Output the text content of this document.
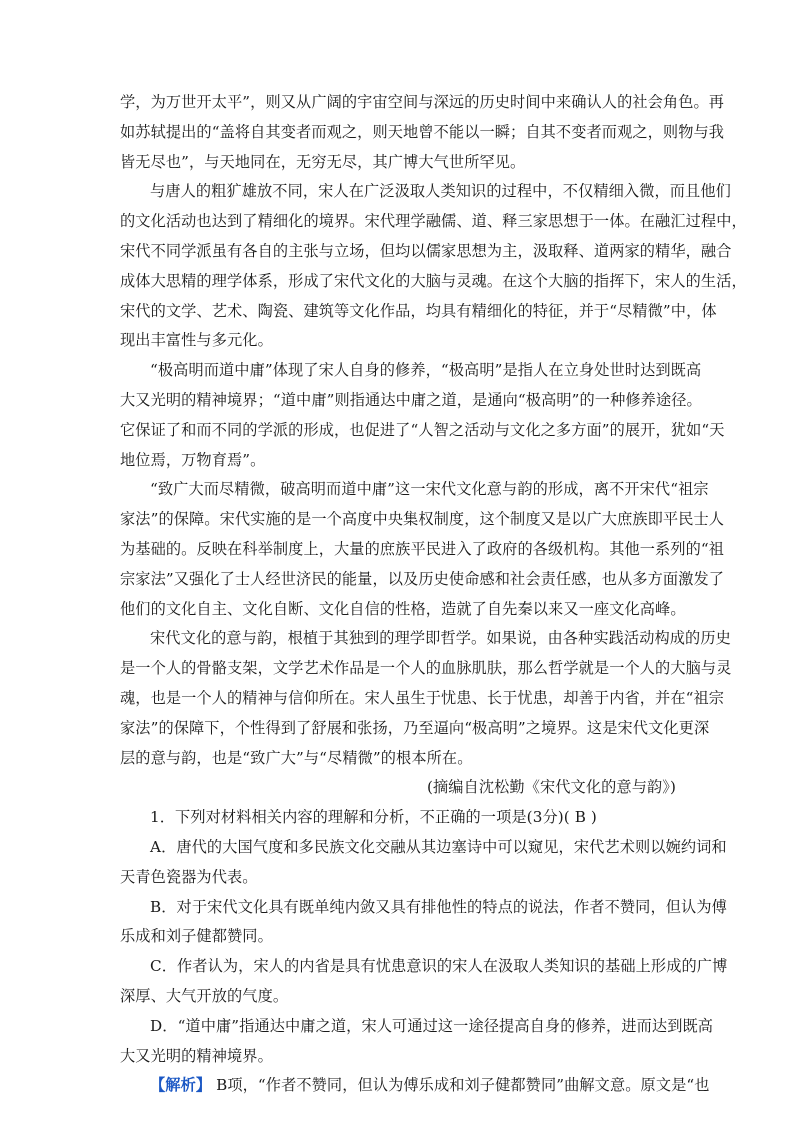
学，为万世开太平”，则又从广阔的宇宙空间与深远的历史时间中来确认人的社会角色。再
如苏轼提出的“盖将自其变者而观之，则天地曾不能以一瞬；自其不变者而观之，则物与我
皆无尽也”，与天地同在，无穷无尽，其广博大气世所罕见。
与唐人的粗犷雄放不同，宋人在广泛汲取人类知识的过程中，不仅精细入微，而且他们
的文化活动也达到了精细化的境界。宋代理学融儒、道、释三家思想于一体。在融汇过程中，
宋代不同学派虽有各自的主张与立场，但均以儒家思想为主，汲取释、道两家的精华，融合
成体大思精的理学体系，形成了宋代文化的大脑与灵魂。在这个大脑的指挥下，宋人的生活，
宋代的文学、艺术、陶瓷、建筑等文化作品，均具有精细化的特征，并于“尽精微”中，体
现出丰富性与多元化。
“极高明而道中庸”体现了宋人自身的修养，“极高明”是指人在立身处世时达到既高
大又光明的精神境界；“道中庸”则指通达中庸之道，是通向“极高明”的一种修养途径。
它保证了和而不同的学派的形成，也促进了“人智之活动与文化之多方面”的展开，犹如“天
地位焉，万物育焉”。
“致广大而尽精微，破高明而道中庸”这一宋代文化意与韵的形成，离不开宋代“祖宗
家法”的保障。宋代实施的是一个高度中央集权制度，这个制度又是以广大庶族即平民士人
为基础的。反映在科举制度上，大量的庶族平民进入了政府的各级机构。其他一系列的“祖
宗家法”又强化了士人经世济民的能量，以及历史使命感和社会责任感，也从多方面激发了
他们的文化自主、文化自断、文化自信的性格，造就了自先秦以来又一座文化高峰。
宋代文化的意与韵，根植于其独到的理学即哲学。如果说，由各种实践活动构成的历史
是一个人的骨骼支架，文学艺术作品是一个人的血脉肌肤，那么哲学就是一个人的大脑与灵
魂，也是一个人的精神与信仰所在。宋人虽生于忧患、长于忧患，却善于内省，并在“祖宗
家法”的保障下，个性得到了舒展和张扬，乃至逼向“极高明”之境界。这是宋代文化更深
层的意与韵，也是“致广大”与“尽精微”的根本所在。
(摘编自沈松勤《宋代文化的意与韵》)
1．下列对材料相关内容的理解和分析，不正确的一项是(3分)( B )
A．唐代的大国气度和多民族文化交融从其边塞诗中可以窥见，宋代艺术则以婉约词和
天青色瓷器为代表。
B．对于宋代文化具有既单纯内敛又具有排他性的特点的说法，作者不赞同，但认为傅
乐成和刘子健都赞同。
C．作者认为，宋人的内省是具有忧患意识的宋人在汲取人类知识的基础上形成的广博
深厚、大气开放的气度。
D．“道中庸”指通达中庸之道，宋人可通过这一途径提高自身的修养，进而达到既高
大又光明的精神境界。
【解析】 B项，“作者不赞同，但认为傅乐成和刘子健都赞同”曲解文意。原文是“也
